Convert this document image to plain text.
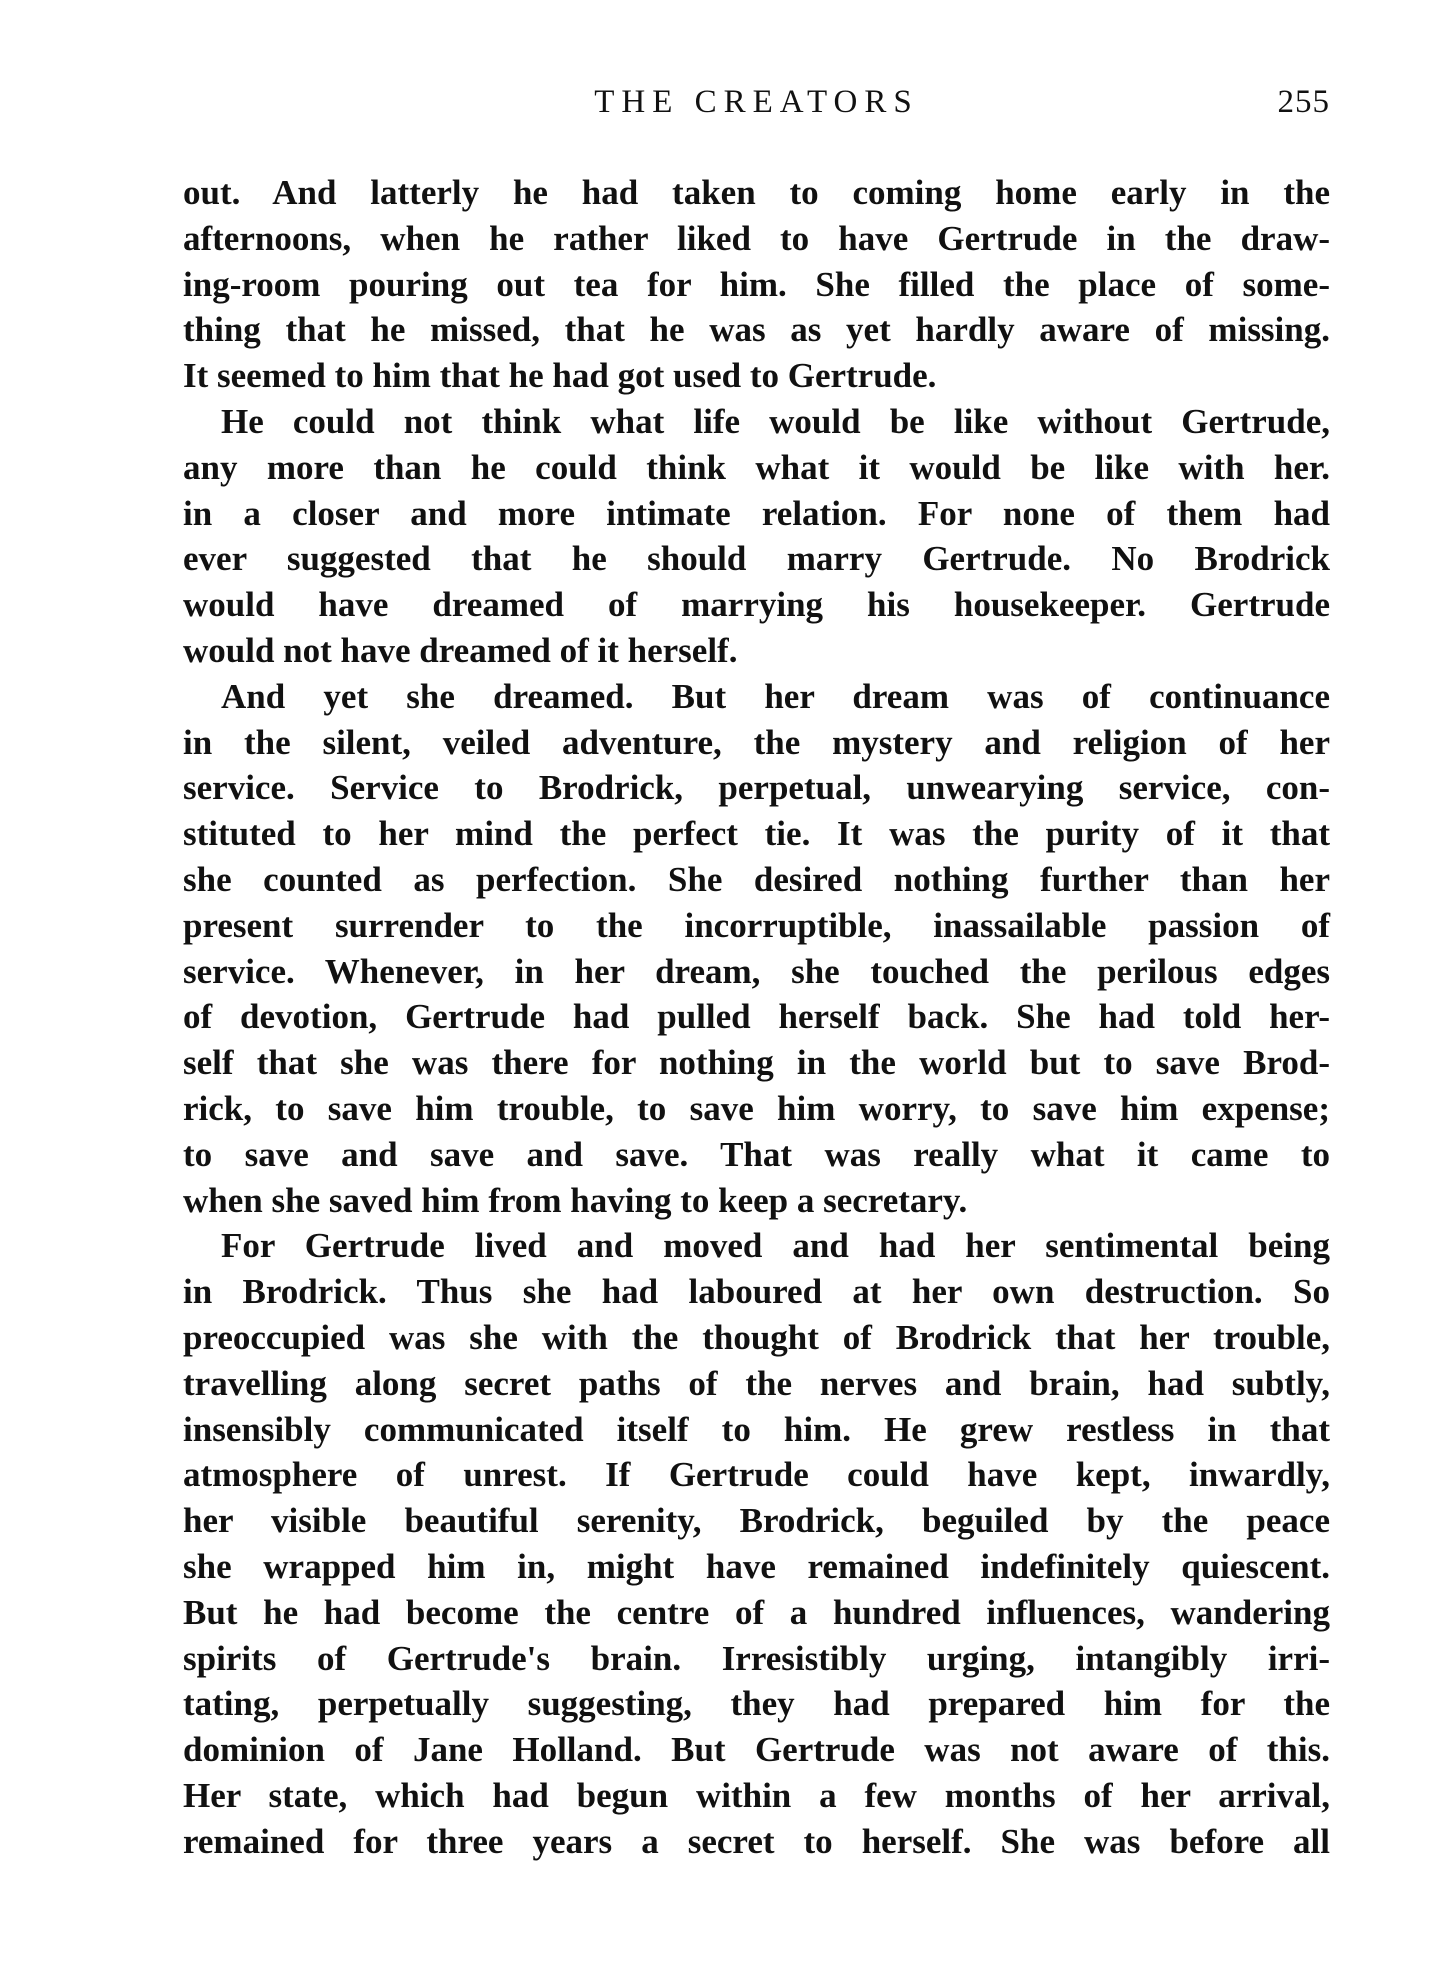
THE CREATORS	255
out. And latterly he had taken to coming home early in the
afternoons, when he rather liked to have Gertrude in the draw-
ing-room pouring out tea for him. She filled the place of some-
thing that he missed, that he was as yet hardly aware of missing.
It seemed to him that he had got used to Gertrude.
He could not think what life would be like without Gertrude,
any more than he could think what it would be like with her.
in a closer and more intimate relation. For none of them had
ever suggested that he should marry Gertrude. No Brodrick
would have dreamed of marrying his housekeeper. Gertrude
would not have dreamed of it herself.
And yet she dreamed. But her dream was of continuance
in the silent, veiled adventure, the mystery and religion of her
service. Service to Brodrick, perpetual, unwearying service, con-
stituted to her mind the perfect tie. It was the purity of it that
she counted as perfection. She desired nothing further than her
present surrender to the incorruptible, inassailable passion of
service. Whenever, in her dream, she touched the perilous edges
of devotion, Gertrude had pulled herself back. She had told her-
self that she was there for nothing in the world but to save Brod-
rick, to save him trouble, to save him worry, to save him expense;
to save and save and save. That was really what it came to
when she saved him from having to keep a secretary.
For Gertrude lived and moved and had her sentimental being
in Brodrick. Thus she had laboured at her own destruction. So
preoccupied was she with the thought of Brodrick that her trouble,
travelling along secret paths of the nerves and brain, had subtly,
insensibly communicated itself to him. He grew restless in that
atmosphere of unrest. If Gertrude could have kept, inwardly,
her visible beautiful serenity, Brodrick, beguiled by the peace
she wrapped him in, might have remained indefinitely quiescent.
But he had become the centre of a hundred influences, wandering
spirits of Gertrude's brain. Irresistibly urging, intangibly irri-
tating, perpetually suggesting, they had prepared him for the
dominion of Jane Holland. But Gertrude was not aware of this.
Her state, which had begun within a few months of her arrival,
remained for three years a secret to herself. She was before all
